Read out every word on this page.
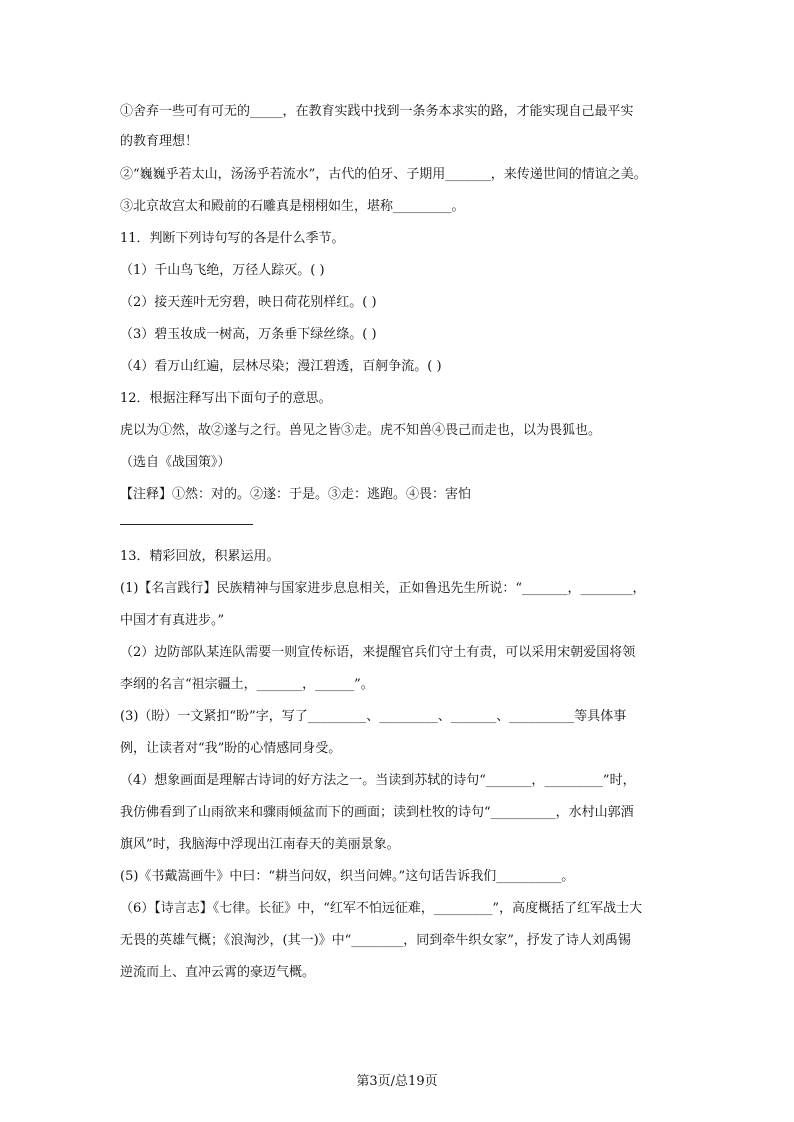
①舍弃一些可有可无的_____，在教育实践中找到一条务本求实的路，才能实现自己最平实
的教育理想！
②“巍巍乎若太山，汤汤乎若流水”，古代的伯牙、子期用_______，来传递世间的情谊之美。
③北京故宫太和殿前的石雕真是栩栩如生，堪称_________。
11．判断下列诗句写的各是什么季节。
（1）千山鸟飞绝，万径人踪灭。( )
（2）接天莲叶无穷碧，映日荷花别样红。( )
（3）碧玉妆成一树高，万条垂下绿丝绦。( )
（4）看万山红遍，层林尽染；漫江碧透，百舸争流。( )
12．根据注释写出下面句子的意思。
虎以为①然，故②遂与之行。兽见之皆③走。虎不知兽④畏己而走也，以为畏狐也。
（选自《战国策》）
【注释】①然：对的。②遂：于是。③走：逃跑。④畏：害怕
13．精彩回放，积累运用。
(1)【名言践行】民族精神与国家进步息息相关，正如鲁迅先生所说：“_______，________，
中国才有真进步。”
（2）边防部队某连队需要一则宣传标语，来提醒官兵们守土有责，可以采用宋朝爱国将领
李纲的名言“祖宗疆土，_______，______”。
(3)（盼）一文紧扣“盼”字，写了_________、_________、_______、__________等具体事
例，让读者对“我”盼的心情感同身受。
（4）想象画面是理解古诗词的好方法之一。当读到苏轼的诗句“_______，_________”时，
我仿佛看到了山雨欲来和骤雨倾盆而下的画面；读到杜牧的诗句“__________，水村山郭酒
旗风”时，我脑海中浮现出江南春天的美丽景象。
(5)《书戴嵩画牛》中曰：“耕当问奴，织当问婢。”这句话告诉我们__________。
（6）【诗言志】《七律。长征》中，“红军不怕远征难，_________”，高度概括了红军战士大
无畏的英雄气概；《浪淘沙，(其一)》中“________，同到牵牛织女家”，抒发了诗人刘禹锡
逆流而上、直冲云霄的豪迈气概。
第3页/总19页
